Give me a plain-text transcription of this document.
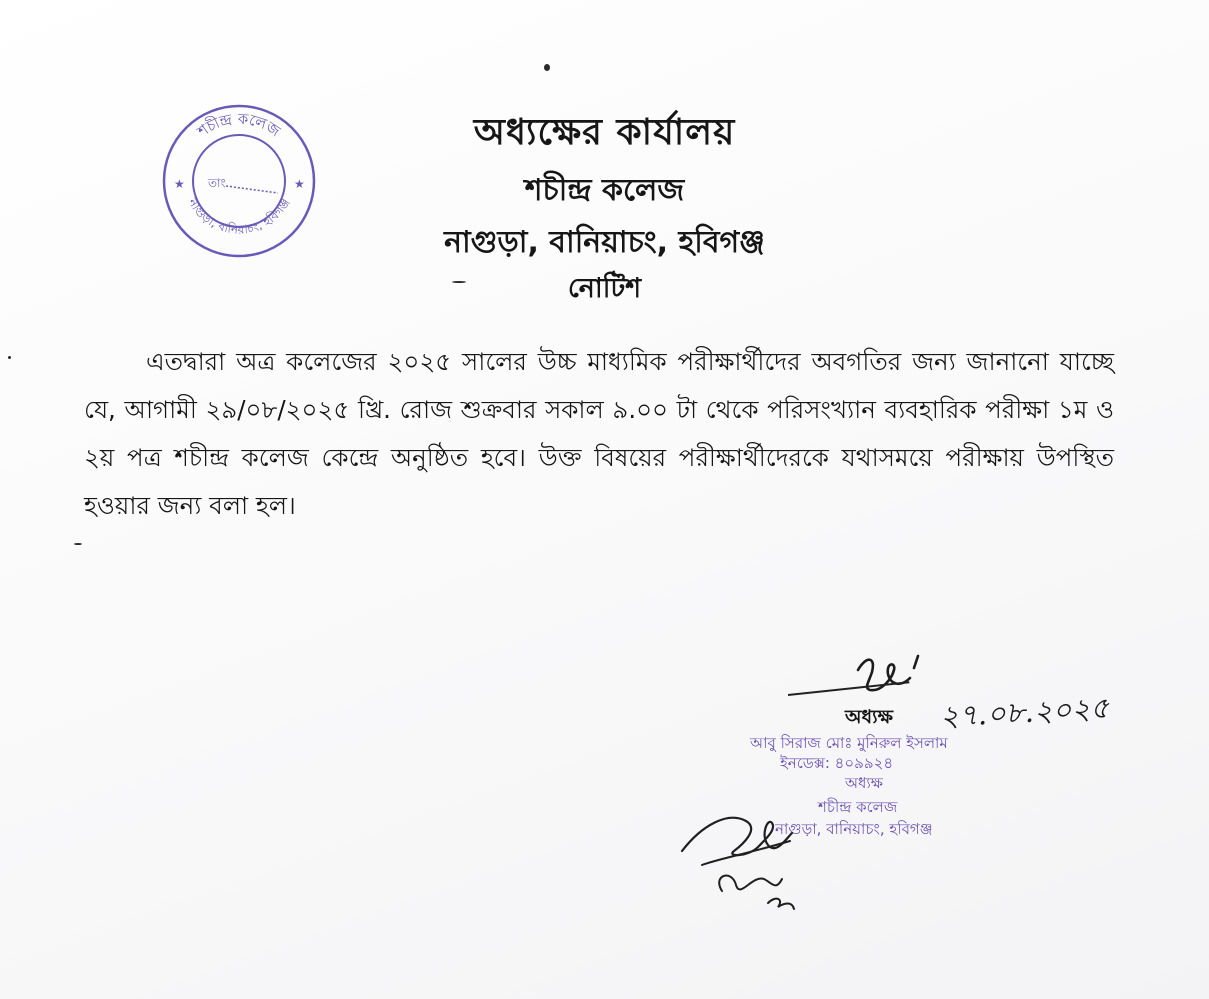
★	★
শচীন্দ্র কলেজ
নাগুড়া, বানিয়াচং, হবিগঞ্জ
তাং
অধ্যক্ষের কার্যালয়
শচীন্দ্র কলেজ
নাগুড়া, বানিয়াচং, হবিগঞ্জ
নোটিশ

এতদ্বারা অত্র কলেজের ২০২৫ সালের উচ্চ মাধ্যমিক পরীক্ষার্থীদের অবগতির জন্য জানানো যাচ্ছে যে, আগামী ২৯/০৮/২০২৫ খ্রি. রোজ শুক্রবার সকাল ৯.০০ টা থেকে পরিসংখ্যান ব্যবহারিক পরীক্ষা ১ম ও ২য় পত্র শচীন্দ্র কলেজ কেন্দ্রে অনুষ্ঠিত হবে। উক্ত বিষয়ের পরীক্ষার্থীদেরকে যথাসময়ে পরীক্ষায় উপস্থিত হওয়ার জন্য বলা হল।

অধ্যক্ষ ২৭.০৮.২০২৫

আবু সিরাজ মোঃ মুনিরুল ইসলাম

ইনডেক্স: ৪০৯৯২৪

অধ্যক্ষ

শচীন্দ্র কলেজ

নাগুড়া, বানিয়াচং, হবিগঞ্জ
